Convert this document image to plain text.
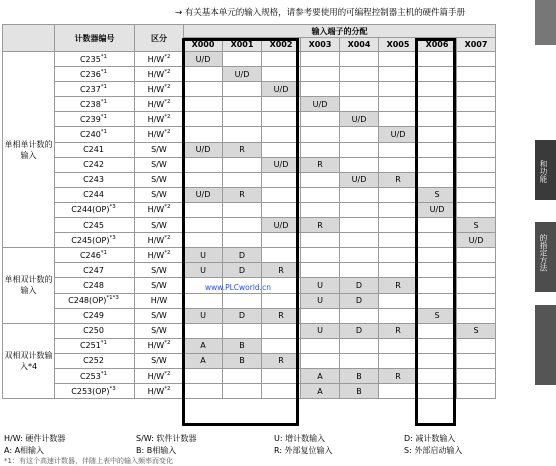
→ 有关基本单元的输入规格，请参考要使用的可编程控制器主机的硬件篇手册
	计数器编号	区分	输入端子的分配							
			X000	X001	X002	X003	X004	X005	X006	X007
单相单计数的输入	C235$^{*1}$	$H/W^{*2}$	U/D							
	C236$^{*1}$	$H/W^{*2}$		U/D						
	C237$^{*1}$	$H/W^{*2}$			U/D					
	C238$^{*1}$	$H/W^{*2}$				U/D				
	C239$^{*1}$	$H/W^{*2}$					U/D			
	C240$^{*1}$	$H/W^{*2}$						U/D		
	C241	S/W	U/D	R						
	C242	S/W			U/D	R				
	C243	S/W					U/D	R		
	C244	S/W	U/D	R					S	
	C244(OP)$^{*3}$	$H/W^{*2}$							U/D	
	C245	S/W			U/D	R				S
	C245(OP)$^{*3}$	$H/W^{*2}$								U/D
单相双计数的输入	C246$^{*1}$	$H/W^{*2}$	U	D						
	C247	S/W	U	D	R					
	C248	S/W				U	D	R		
	C248(OP)$^{*1*3}$	H/W				U	D			
	C249	S/W	U	D	R				S	
双相双计数输入*4	C250	S/W				U	D	R		S
	C251$^{*1}$	$H/W^{*2}$	A	B						
	C252	S/W	A	B	R					
	C253$^{*1}$	$H/W^{*2}$				A	B	R		
	C253(OP)$^{*3}$	$H/W^{*2}$				A	B			
www.PLCworld.cn
H/W: 硬件计数器	S/W: 软件计数器	U: 增计数输入	D: 减计数输入
A: A相输入	B: B相输入	R: 外部复位输入	S: 外部启动输入
*1：有这个高速计数器，伴随上表中的输入频率而变化
和功能
的指定方法
